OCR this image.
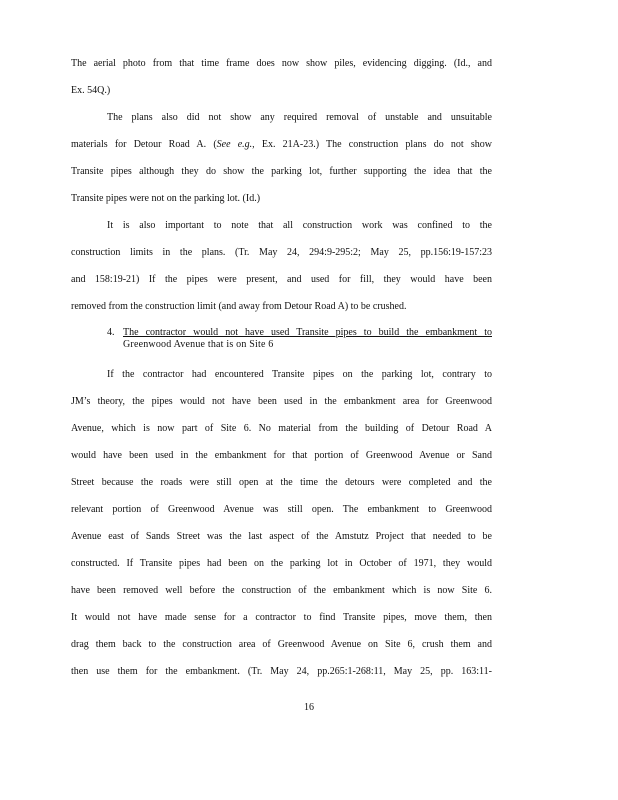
The aerial photo from that time frame does now show piles, evidencing digging. (Id., and
Ex. 54Q.)
The plans also did not show any required removal of unstable and unsuitable
materials for Detour Road A. (See e.g., Ex. 21A-23.) The construction plans do not show
Transite pipes although they do show the parking lot, further supporting the idea that the
Transite pipes were not on the parking lot. (Id.)
It is also important to note that all construction work was confined to the
construction limits in the plans. (Tr. May 24, 294:9-295:2; May 25, pp.156:19-157:23
and 158:19-21) If the pipes were present, and used for fill, they would have been
removed from the construction limit (and away from Detour Road A) to be crushed.
4. The contractor would not have used Transite pipes to build the embankment to
Greenwood Avenue that is on Site 6
If the contractor had encountered Transite pipes on the parking lot, contrary to
JM’s theory, the pipes would not have been used in the embankment area for Greenwood
Avenue, which is now part of Site 6. No material from the building of Detour Road A
would have been used in the embankment for that portion of Greenwood Avenue or Sand
Street because the roads were still open at the time the detours were completed and the
relevant portion of Greenwood Avenue was still open. The embankment to Greenwood
Avenue east of Sands Street was the last aspect of the Amstutz Project that needed to be
constructed. If Transite pipes had been on the parking lot in October of 1971, they would
have been removed well before the construction of the embankment which is now Site 6.
It would not have made sense for a contractor to find Transite pipes, move them, then
drag them back to the construction area of Greenwood Avenue on Site 6, crush them and
then use them for the embankment. (Tr. May 24, pp.265:1-268:11, May 25, pp. 163:11-
16
